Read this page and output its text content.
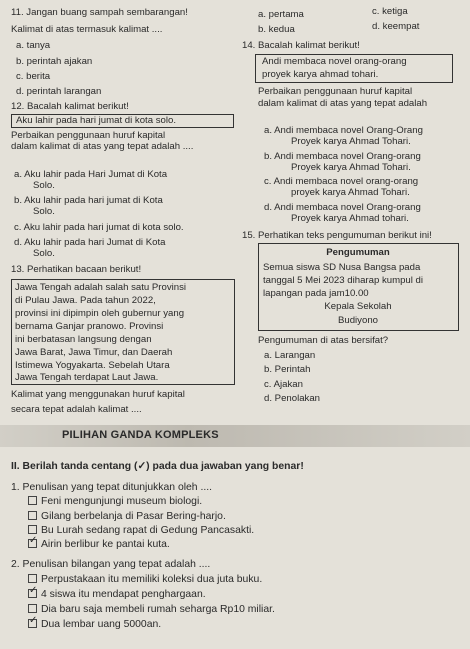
11. Jangan buang sampah sembarangan!
Kalimat di atas termasuk kalimat ....
a. tanya
b. perintah ajakan
c. berita
d. perintah larangan
a. pertama	c. ketiga
b. kedua	d. keempat
12. Bacalah kalimat berikut!
Aku lahir pada hari jumat di kota solo.
Perbaikan penggunaan huruf kapital
dalam kalimat di atas yang tepat adalah ....
a. Aku lahir pada Hari Jumat di Kota
Solo.
b. Aku lahir pada hari jumat di Kota
Solo.
c. Aku lahir pada hari jumat di kota solo.
d. Aku lahir pada hari Jumat di Kota
Solo.
13. Perhatikan bacaan berikut!
Jawa Tengah adalah salah satu Provinsi
di Pulau Jawa. Pada tahun 2022,
provinsi ini dipimpin oleh gubernur yang
bernama Ganjar pranowo. Provinsi
ini berbatasan langsung dengan
Jawa Barat, Jawa Timur, dan Daerah
Istimewa Yogyakarta. Sebelah Utara
Jawa Tengah terdapat Laut Jawa.
Kalimat yang menggunakan huruf kapital
secara tepat adalah kalimat ....
14. Bacalah kalimat berikut!
Andi membaca novel orang-orang
proyek karya ahmad tohari.
Perbaikan penggunaan huruf kapital
dalam kalimat di atas yang tepat adalah
a. Andi membaca novel Orang-Orang
Proyek karya Ahmad Tohari.
b. Andi membaca novel Orang-orang
Proyek karya Ahmad Tohari.
c. Andi membaca novel orang-orang
proyek karya Ahmad Tohari.
d. Andi membaca novel Orang-orang
Proyek karya Ahmad tohari.
15. Perhatikan teks pengumuman berikut ini!
Pengumuman
Semua siswa SD Nusa Bangsa pada
tanggal 5 Mei 2023 diharap kumpul di
lapangan pada jam10.00
Kepala Sekolah
Budiyono
Pengumuman di atas bersifat?
a. Larangan
b. Perintah
c. Ajakan
d. Penolakan
PILIHAN GANDA KOMPLEKS
II. Berilah tanda centang (✓) pada dua jawaban yang benar!
1. Penulisan yang tepat ditunjukkan oleh ....
Feni mengunjungi museum biologi.
Gilang berbelanja di Pasar Bering-harjo.
Bu Lurah sedang rapat di Gedung Pancasakti.
✓ Airin berlibur ke pantai kuta.
2. Penulisan bilangan yang tepat adalah ....
Perpustakaan itu memiliki koleksi dua juta buku.
✓ 4 siswa itu mendapat penghargaan.
Dia baru saja membeli rumah seharga Rp10 miliar.
✓ Dua lembar uang 5000an.
